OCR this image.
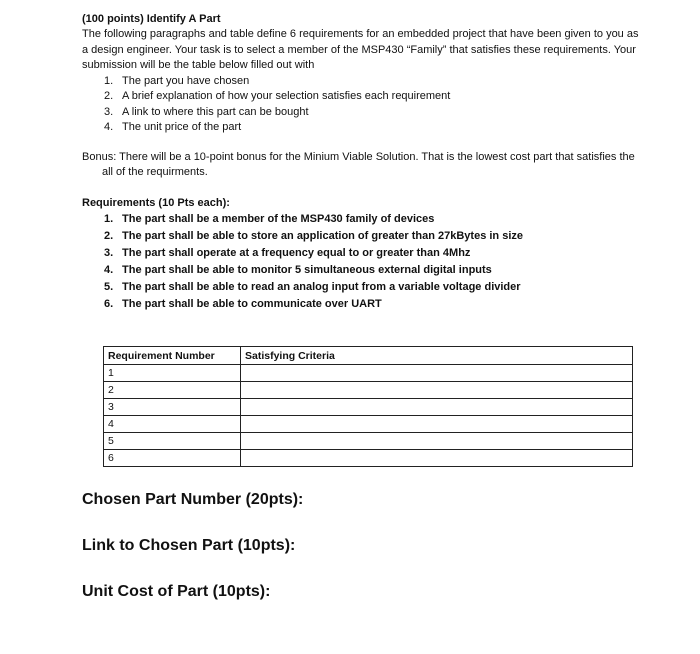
(100 points) Identify A Part
The following paragraphs and table define 6 requirements for an embedded project that have been given to you as a design engineer. Your task is to select a member of the MSP430 “Family” that satisfies these requirements. Your submission will be the table below filled out with
1. The part you have chosen
2. A brief explanation of how your selection satisfies each requirement
3. A link to where this part can be bought
4. The unit price of the part
Bonus: There will be a 10-point bonus for the Minium Viable Solution. That is the lowest cost part that satisfies the all of the requirments.
Requirements (10 Pts each):
1. The part shall be a member of the MSP430 family of devices
2. The part shall be able to store an application of greater than 27kBytes in size
3. The part shall operate at a frequency equal to or greater than 4Mhz
4. The part shall be able to monitor 5 simultaneous external digital inputs
5. The part shall be able to read an analog input from a variable voltage divider
6. The part shall be able to communicate over UART
Requirement Number	Satisfying Criteria
1	
2	
3	
4	
5	
6	
Chosen Part Number (20pts):
Link to Chosen Part (10pts):
Unit Cost of Part (10pts):
